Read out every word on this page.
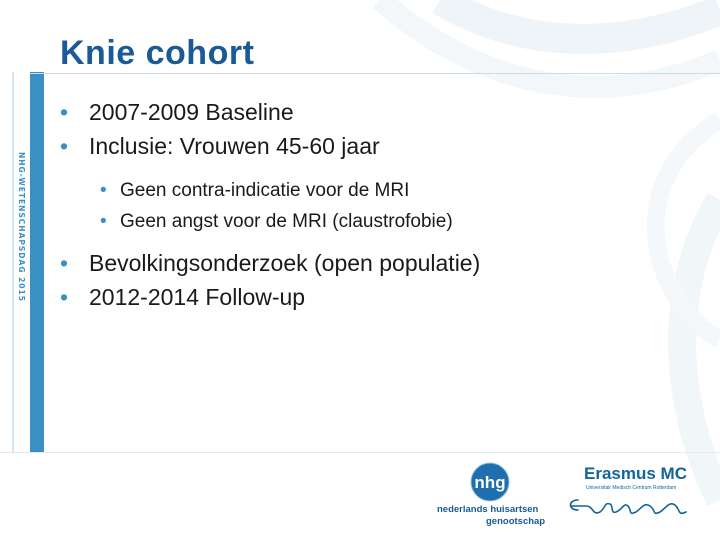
NHG-WETENSCHAPSDAG 2015
Knie cohort
• 2007-2009 Baseline
• Inclusie: Vrouwen 45-60 jaar
• Geen contra-indicatie voor de MRI
• Geen angst voor de MRI (claustrofobie)
• Bevolkingsonderzoek (open populatie)
• 2012-2014 Follow-up
nhg
nederlands huisartsen
genootschap
Erasmus MC
Universitair Medisch Centrum Rotterdam
